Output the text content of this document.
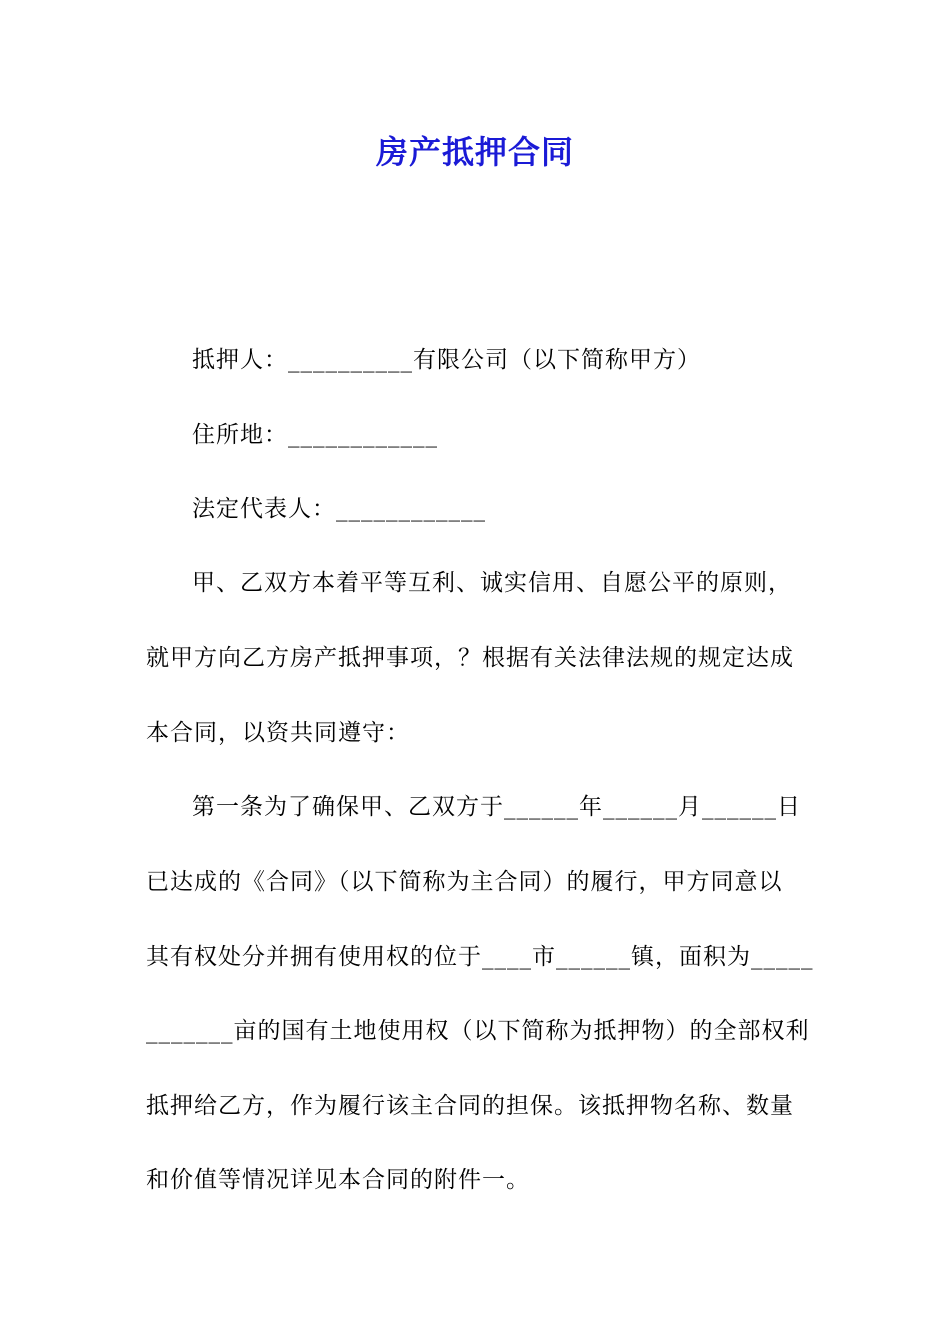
房产抵押合同
抵押人：__________有限公司（以下简称甲方）
住所地：____________
法定代表人：____________
甲、乙双方本着平等互利、诚实信用、自愿公平的原则，
就甲方向乙方房产抵押事项，？根据有关法律法规的规定达成
本合同，以资共同遵守：
第一条为了确保甲、乙双方于______年______月______日
已达成的《合同》（以下简称为主合同）的履行，甲方同意以
其有权处分并拥有使用权的位于____市______镇，面积为_____
_______亩的国有土地使用权（以下简称为抵押物）的全部权利
抵押给乙方，作为履行该主合同的担保。该抵押物名称、数量
和价值等情况详见本合同的附件一。
